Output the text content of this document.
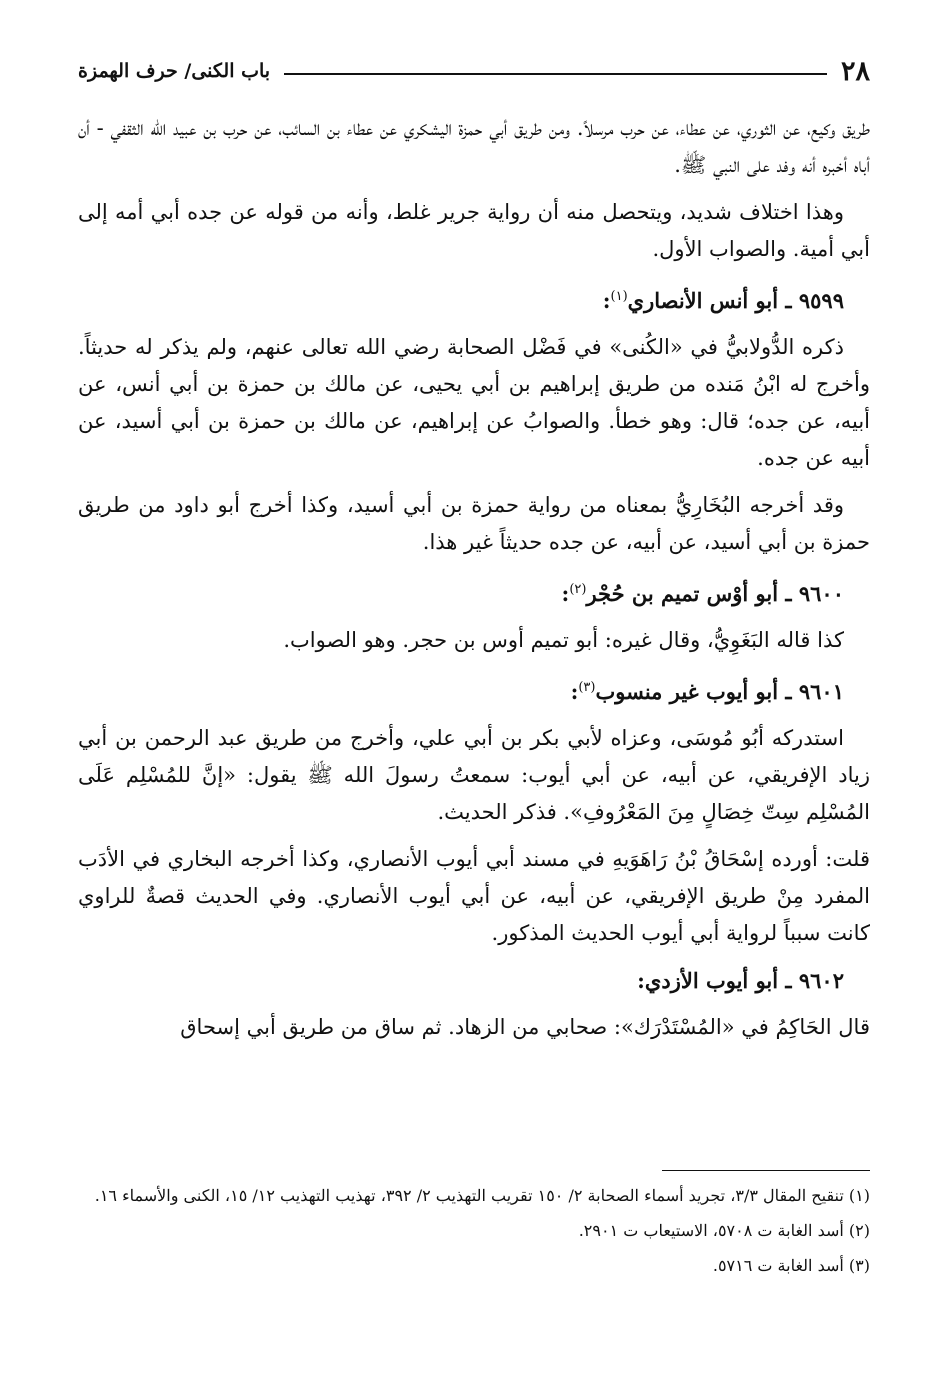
٢٨
باب الكنى/ حرف الهمزة

طريق وكيع، عن الثوري، عن عطاء، عن حرب مرسلاً. ومن طريق أبي حمزة اليشكري عن عطاء بن السائب، عن حرب بن عبيد الله الثقفي - أن أباه أخبره أنه وفد على النبي ﷺ.

وهذا اختلاف شديد، ويتحصل منه أن رواية جرير غلط، وأنه من قوله عن جده أبي أمه إلى أبي أمية. والصواب الأول.

٩٥٩٩ ـ أبو أنس الأنصاري$^{(١)}$:

ذكره الدُّولابيُّ في «الكُنى» في فَضْل الصحابة رضي الله تعالى عنهم، ولم يذكر له حديثاً. وأخرج له ابْنُ مَنده من طريق إبراهيم بن أبي يحيى، عن مالك بن حمزة بن أبي أنس، عن أبيه، عن جده؛ قال: وهو خطأ. والصوابُ عن إبراهيم، عن مالك بن حمزة بن أبي أسيد، عن أبيه عن جده.

وقد أخرجه البُخَارِيُّ بمعناه من رواية حمزة بن أبي أسيد، وكذا أخرج أبو داود من طريق حمزة بن أبي أسيد، عن أبيه، عن جده حديثاً غير هذا.

٩٦٠٠ ـ أبو أوْس تميم بن حُجْر$^{(٢)}$:

كذا قاله البَغَوِيُّ، وقال غيره: أبو تميم أوس بن حجر. وهو الصواب.

٩٦٠١ ـ أبو أيوب غير منسوب$^{(٣)}$:

استدركه أبُو مُوسَى، وعزاه لأبي بكر بن أبي علي، وأخرج من طريق عبد الرحمن بن أبي زياد الإفريقي، عن أبيه، عن أبي أيوب: سمعتُ رسولَ الله ﷺ يقول: «إنَّ للمُسْلِم عَلَى المُسْلِم سِتّ خِصَالٍ مِنَ المَعْرُوفِ». فذكر الحديث.

قلت: أورده إسْحَاقُ بْنُ رَاهَوَيهِ في مسند أبي أيوب الأنصاري، وكذا أخرجه البخاري في الأدَب المفرد مِنْ طريق الإفريقي، عن أبيه، عن أبي أيوب الأنصاري. وفي الحديث قصةٌ للراوي كانت سبباً لرواية أبي أيوب الحديث المذكور.

٩٦٠٢ ـ أبو أيوب الأزدي:

قال الحَاكِمُ في «المُسْتَدْرَك»: صحابي من الزهاد. ثم ساق من طريق أبي إسحاق

(١) تنقيح المقال ٣/٣، تجريد أسماء الصحابة ٢/ ١٥٠ تقريب التهذيب ٢/ ٣٩٢، تهذيب التهذيب ١٢/ ١٥، الكنى والأسماء ١٦.

(٢) أسد الغابة ت ٥٧٠٨، الاستيعاب ت ٢٩٠١.

(٣) أسد الغابة ت ٥٧١٦.
